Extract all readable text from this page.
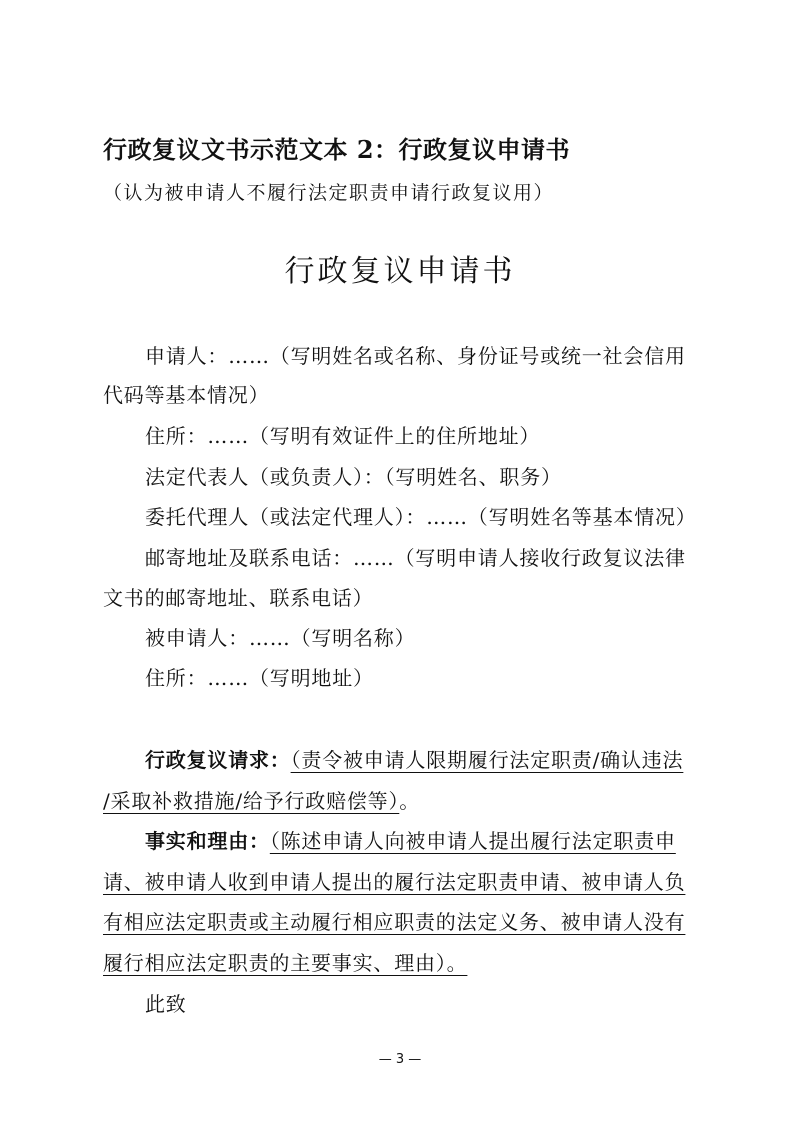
行政复议文书示范文本 2：行政复议申请书
（认为被申请人不履行法定职责申请行政复议用）
行政复议申请书
申请人：……（写明姓名或名称、身份证号或统一社会信用
代码等基本情况）
住所：……（写明有效证件上的住所地址）
法定代表人（或负责人）：（写明姓名、职务）
委托代理人（或法定代理人）：……（写明姓名等基本情况）
邮寄地址及联系电话：……（写明申请人接收行政复议法律
文书的邮寄地址、联系电话）
被申请人：……（写明名称）
住所：……（写明地址）
行政复议请求：（责令被申请人限期履行法定职责/确认违法
/采取补救措施/给予行政赔偿等）。
事实和理由：（陈述申请人向被申请人提出履行法定职责申
请、被申请人收到申请人提出的履行法定职责申请、被申请人负
有相应法定职责或主动履行相应职责的法定义务、被申请人没有
履行相应法定职责的主要事实、理由）。
此致
— 3 —
